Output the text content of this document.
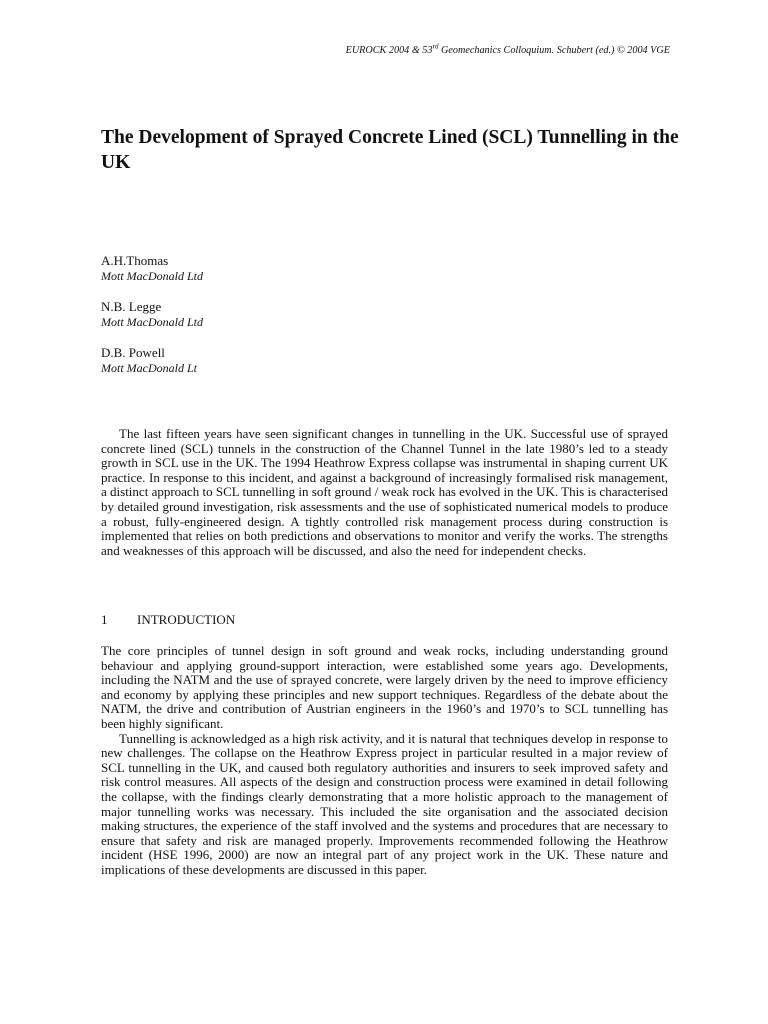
EUROCK 2004 & 53rd Geomechanics Colloquium. Schubert (ed.) © 2004 VGE
The Development of Sprayed Concrete Lined (SCL) Tunnelling in the UK
A.H.Thomas
Mott MacDonald Ltd
N.B. Legge
Mott MacDonald Ltd
D.B. Powell
Mott MacDonald Lt

The last fifteen years have seen significant changes in tunnelling in the UK. Successful use of sprayed concrete lined (SCL) tunnels in the construction of the Channel Tunnel in the late 1980’s led to a steady growth in SCL use in the UK. The 1994 Heathrow Express collapse was instrumental in shaping current UK practice. In response to this incident, and against a background of increasingly formalised risk management, a distinct approach to SCL tunnelling in soft ground / weak rock has evolved in the UK. This is characterised by detailed ground investigation, risk assessments and the use of sophisticated numerical models to produce a robust, fully-engineered design. A tightly controlled risk management process during construction is implemented that relies on both predictions and observations to monitor and verify the works. The strengths and weaknesses of this approach will be discussed, and also the need for independent checks.

1 INTRODUCTION

The core principles of tunnel design in soft ground and weak rocks, including understanding ground behaviour and applying ground-support interaction, were established some years ago. Developments, including the NATM and the use of sprayed concrete, were largely driven by the need to improve efficiency and economy by applying these principles and new support techniques. Regardless of the debate about the NATM, the drive and contribution of Austrian engineers in the 1960’s and 1970’s to SCL tunnelling has been highly significant.

Tunnelling is acknowledged as a high risk activity, and it is natural that techniques develop in response to new challenges. The collapse on the Heathrow Express project in particular resulted in a major review of SCL tunnelling in the UK, and caused both regulatory authorities and insurers to seek improved safety and risk control measures. All aspects of the design and construction process were examined in detail following the collapse, with the findings clearly demonstrating that a more holistic approach to the management of major tunnelling works was necessary. This included the site organisation and the associated decision making structures, the experience of the staff involved and the systems and procedures that are necessary to ensure that safety and risk are managed properly. Improvements recommended following the Heathrow incident (HSE 1996, 2000) are now an integral part of any project work in the UK. These nature and implications of these developments are discussed in this paper.
